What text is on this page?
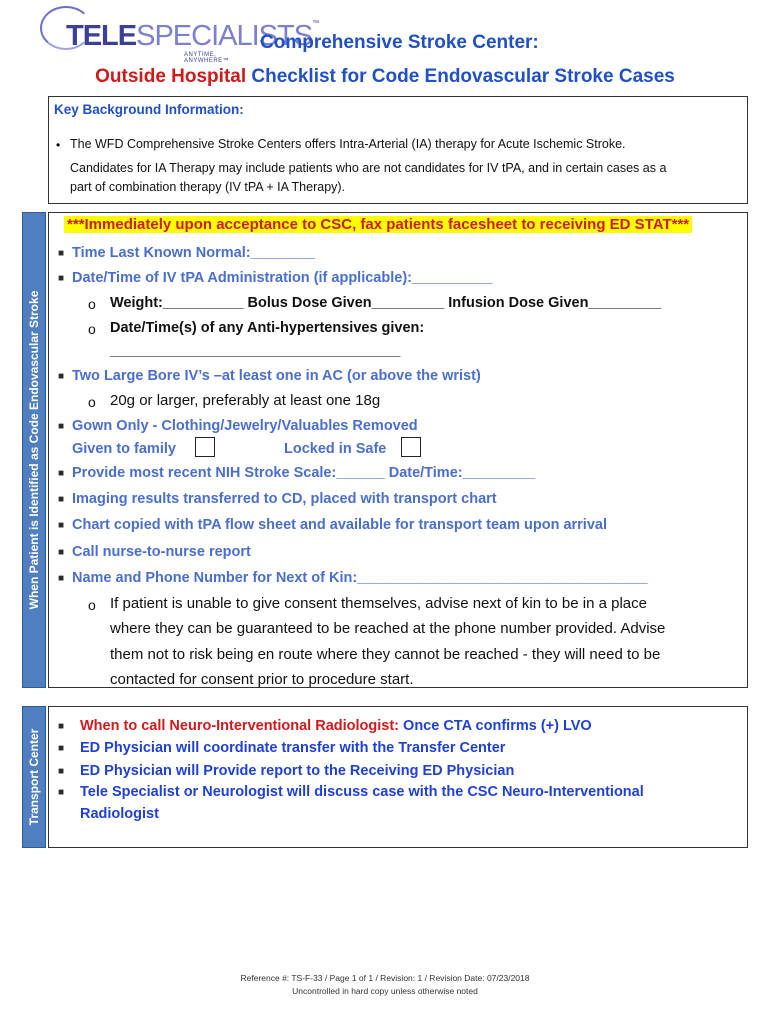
TELESPECIALISTS™
ANYTIME, ANYWHERE™
Comprehensive Stroke Center:
Outside Hospital Checklist for Code Endovascular Stroke Cases
Key Background Information:
• The WFD Comprehensive Stroke Centers offers Intra-Arterial (IA) therapy for Acute Ischemic Stroke.
Candidates for IA Therapy may include patients who are not candidates for IV tPA, and in certain cases as a
part of combination therapy (IV tPA + IA Therapy).
When Patient is Identified as Code Endovascular Stroke
Transport Center
***Immediately upon acceptance to CSC, fax patients facesheet to receiving ED STAT***
■ Time Last Known Normal:________
■ Date/Time of IV tPA Administration (if applicable):__________
o Weight:__________ Bolus Dose Given_________ Infusion Dose Given_________
o Date/Time(s) of any Anti-hypertensives given:
____________________________________
■ Two Large Bore IV’s –at least one in AC (or above the wrist)
o 20g or larger, preferably at least one 18g
■ Gown Only - Clothing/Jewelry/Valuables Removed
Given to family	Locked in Safe
■ Provide most recent NIH Stroke Scale:______ Date/Time:_________
■ Imaging results transferred to CD, placed with transport chart
■ Chart copied with tPA flow sheet and available for transport team upon arrival
■ Call nurse-to-nurse report
■ Name and Phone Number for Next of Kin:____________________________________
o If patient is unable to give consent themselves, advise next of kin to be in a place
where they can be guaranteed to be reached at the phone number provided. Advise
them not to risk being en route where they cannot be reached - they will need to be
contacted for consent prior to procedure start.
■ When to call Neuro-Interventional Radiologist: Once CTA confirms (+) LVO
■ ED Physician will coordinate transfer with the Transfer Center
■ ED Physician will Provide report to the Receiving ED Physician
■ Tele Specialist or Neurologist will discuss case with the CSC Neuro-Interventional
Radiologist
Reference #: TS-F-33 / Page 1 of 1 / Revision: 1 / Revision Date: 07/23/2018
Uncontrolled in hard copy unless otherwise noted
